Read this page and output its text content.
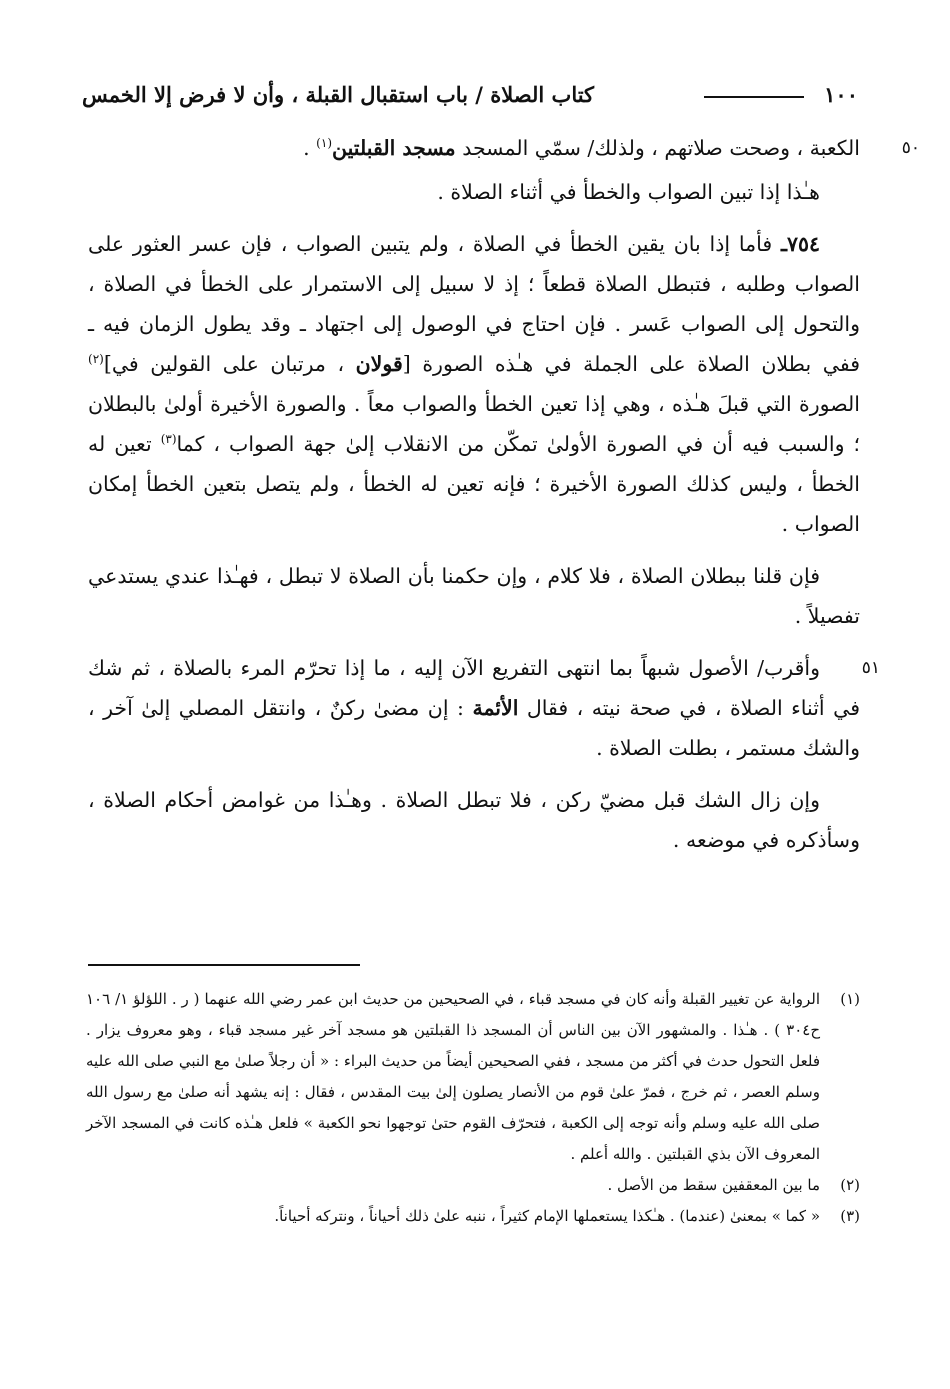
١٠٠
كتاب الصلاة / باب استقبال القبلة ، وأن لا فرض إلا الخمس

٥٠
الكعبة ، وصحت صلاتهم ، ولذلك/ سمّي المسجد مسجد القبلتين$^{(١)}$ .

هـٰذا إذا تبين الصواب والخطأ في أثناء الصلاة .

٧٥٤ـ فأما إذا بان يقين الخطأ في الصلاة ، ولم يتبين الصواب ، فإن عسر العثور على الصواب وطلبه ، فتبطل الصلاة قطعاً ؛ إذ لا سبيل إلى الاستمرار على الخطأ في الصلاة ، والتحول إلى الصواب عَسر . فإن احتاج في الوصول إلى اجتهاد ـ وقد يطول الزمان فيه ـ ففي بطلان الصلاة على الجملة في هـٰذه الصورة [قولان ، مرتبان على القولين في]$^{(٢)}$ الصورة التي قبلَ هـٰذه ، وهي إذا تعين الخطأ والصواب معاً . والصورة الأخيرة أولىٰ بالبطلان ؛ والسبب فيه أن في الصورة الأولىٰ تمكّن من الانقلاب إلىٰ جهة الصواب ، كما$^{(٣)}$ تعين له الخطأ ، وليس كذلك الصورة الأخيرة ؛ فإنه تعين له الخطأ ، ولم يتصل بتعين الخطأ إمكان الصواب .

فإن قلنا ببطلان الصلاة ، فلا كلام ، وإن حكمنا بأن الصلاة لا تبطل ، فهـٰذا عندي يستدعي تفصيلاً .

٥١
وأقرب/ الأصول شبهاً بما انتهى التفريع الآن إليه ، ما إذا تحرّم المرء بالصلاة ، ثم شك في أثناء الصلاة ، في صحة نيته ، فقال الأئمة : إن مضىٰ ركنٌ ، وانتقل المصلي إلىٰ آخر ، والشك مستمر ، بطلت الصلاة .

وإن زال الشك قبل مضيّ ركن ، فلا تبطل الصلاة . وهـٰذا من غوامض أحكام الصلاة ، وسأذكره في موضعه .

(١)
الرواية عن تغيير القبلة وأنه كان في مسجد قباء ، في الصحيحين من حديث ابن عمر رضي الله عنهما ( ر . اللؤلؤ ١/ ١٠٦ ح٣٠٤ ) . هـٰذا . والمشهور الآن بين الناس أن المسجد ذا القبلتين هو مسجد آخر غير مسجد قباء ، وهو معروف يزار . فلعل التحول حدث في أكثر من مسجد ، ففي الصحيحين أيضاً من حديث البراء : « أن رجلاً صلىٰ مع النبي صلى الله عليه وسلم العصر ، ثم خرج ، فمرّ علىٰ قوم من الأنصار يصلون إلىٰ بيت المقدس ، فقال : إنه يشهد أنه صلىٰ مع رسول الله صلى الله عليه وسلم وأنه توجه إلى الكعبة ، فتحرّف القوم حتىٰ توجهوا نحو الكعبة » فلعل هـٰذه كانت في المسجد الآخر المعروف الآن بذي القبلتين . والله أعلم .

(٢)
ما بين المعقفين سقط من الأصل .

(٣)
« كما » بمعنىٰ (عندما) . هـٰكذا يستعملها الإمام كثيراً ، ننبه علىٰ ذلك أحياناً ، ونتركه أحياناً.
